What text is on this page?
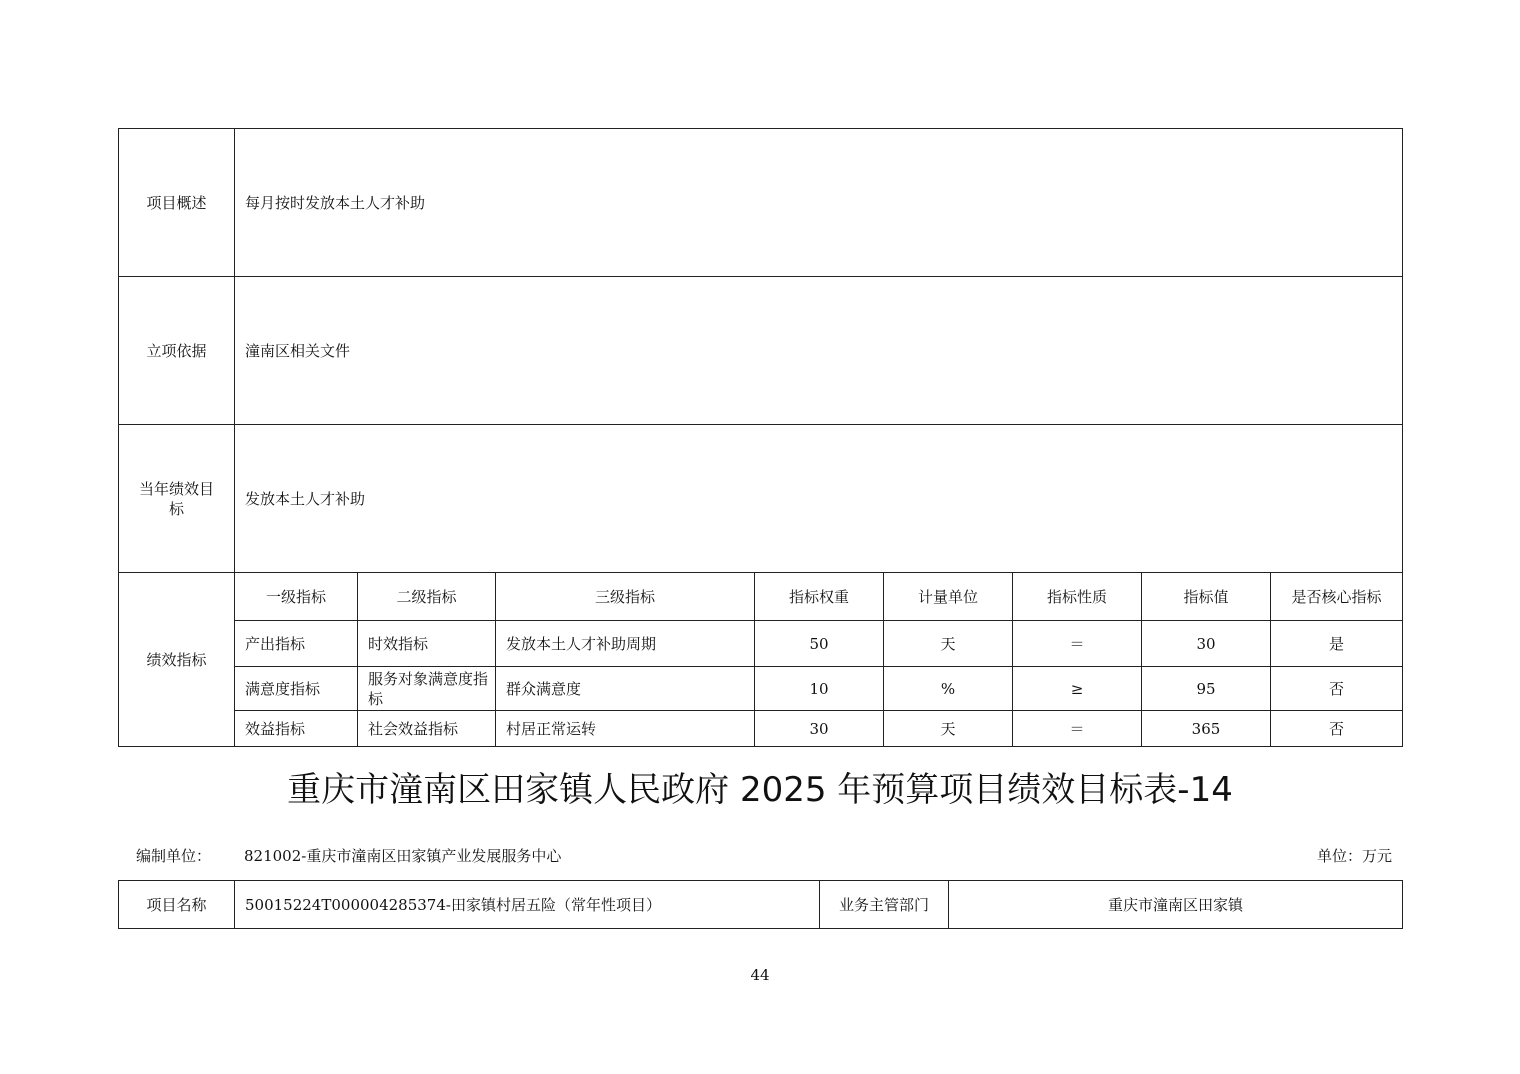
项目概述	每月按时发放本土人才补助							
立项依据	潼南区相关文件							
当年绩效目标	发放本土人才补助							
绩效指标	一级指标	二级指标	三级指标	指标权重	计量单位	指标性质	指标值	是否核心指标
	产出指标	时效指标	发放本土人才补助周期	50	天	＝	30	是
	满意度指标	服务对象满意度指标	群众满意度	10	%	≥	95	否
	效益指标	社会效益指标	村居正常运转	30	天	＝	365	否
重庆市潼南区田家镇人民政府 2025 年预算项目绩效目标表-14
编制单位： 821002-重庆市潼南区田家镇产业发展服务中心	单位：万元
项目名称	50015224T000004285374-田家镇村居五险（常年性项目）	业务主管部门	重庆市潼南区田家镇
44
